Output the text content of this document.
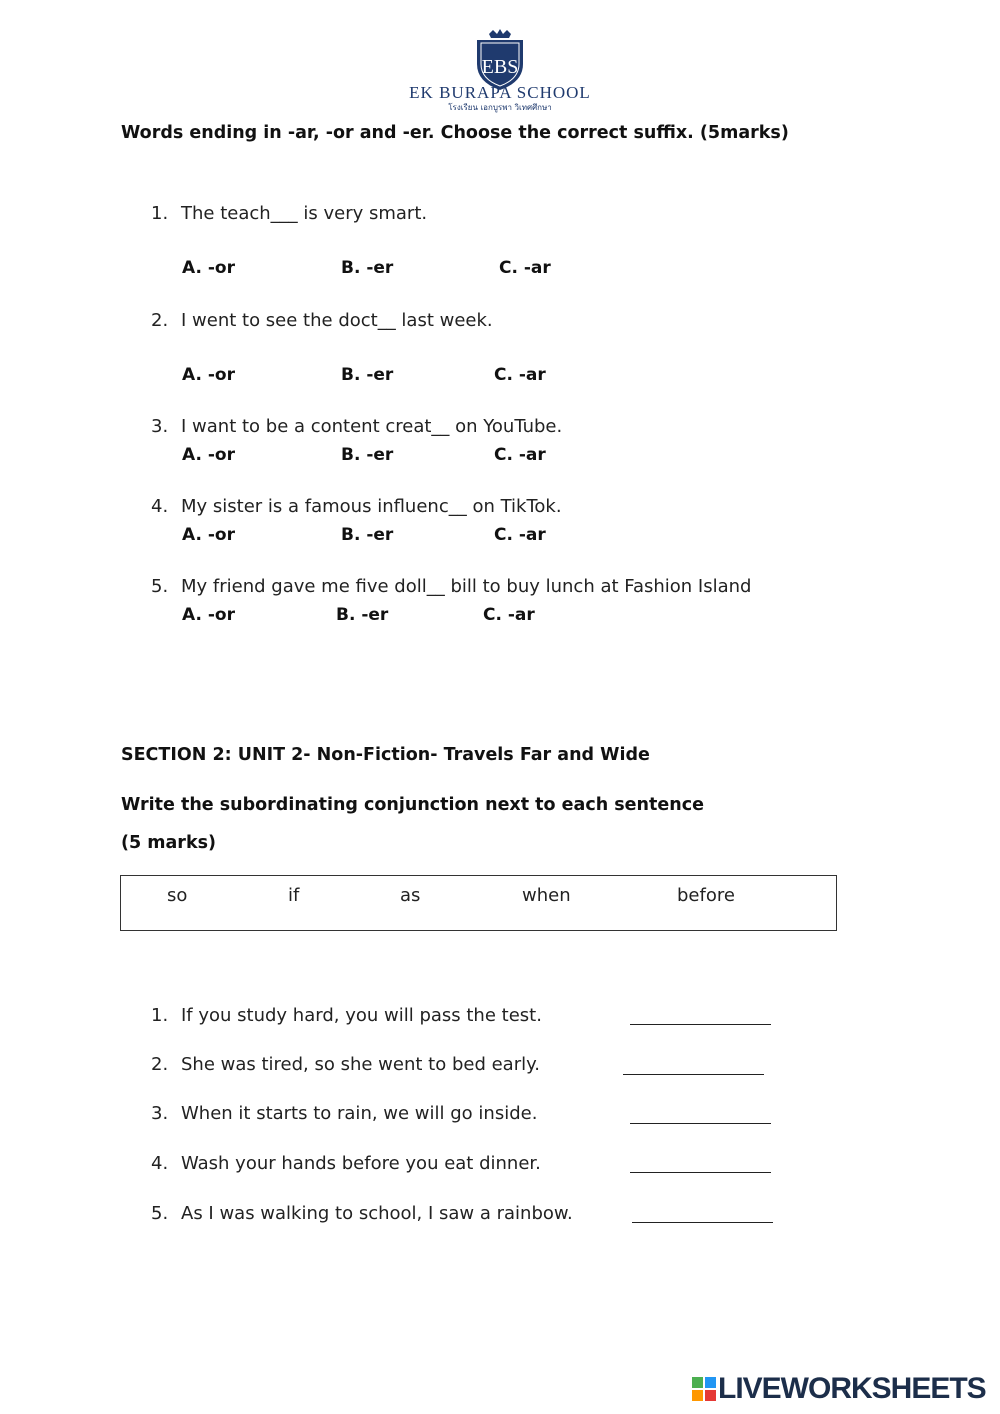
EBS
EK BURAPA SCHOOL
โรงเรียน เอกบูรพา วิเทศศึกษา
Words ending in -ar, -or and -er. Choose the correct suffix. (5marks)
1. The teach___ is very smart.
A. -or	B. -er	C. -ar
2. I went to see the doct__ last week.
A. -or	B. -er	C. -ar
3. I want to be a content creat__ on YouTube.
A. -or	B. -er	C. -ar
4. My sister is a famous influenc__ on TikTok.
A. -or	B. -er	C. -ar
5. My friend gave me five doll__ bill to buy lunch at Fashion Island
A. -or	B. -er	C. -ar
SECTION 2: UNIT 2- Non-Fiction- Travels Far and Wide
Write the subordinating conjunction next to each sentence
(5 marks)
so	if	as	when	before
1. If you study hard, you will pass the test.
2. She was tired, so she went to bed early.
3. When it starts to rain, we will go inside.
4. Wash your hands before you eat dinner.
5. As I was walking to school, I saw a rainbow.
LIVEWORKSHEETS
